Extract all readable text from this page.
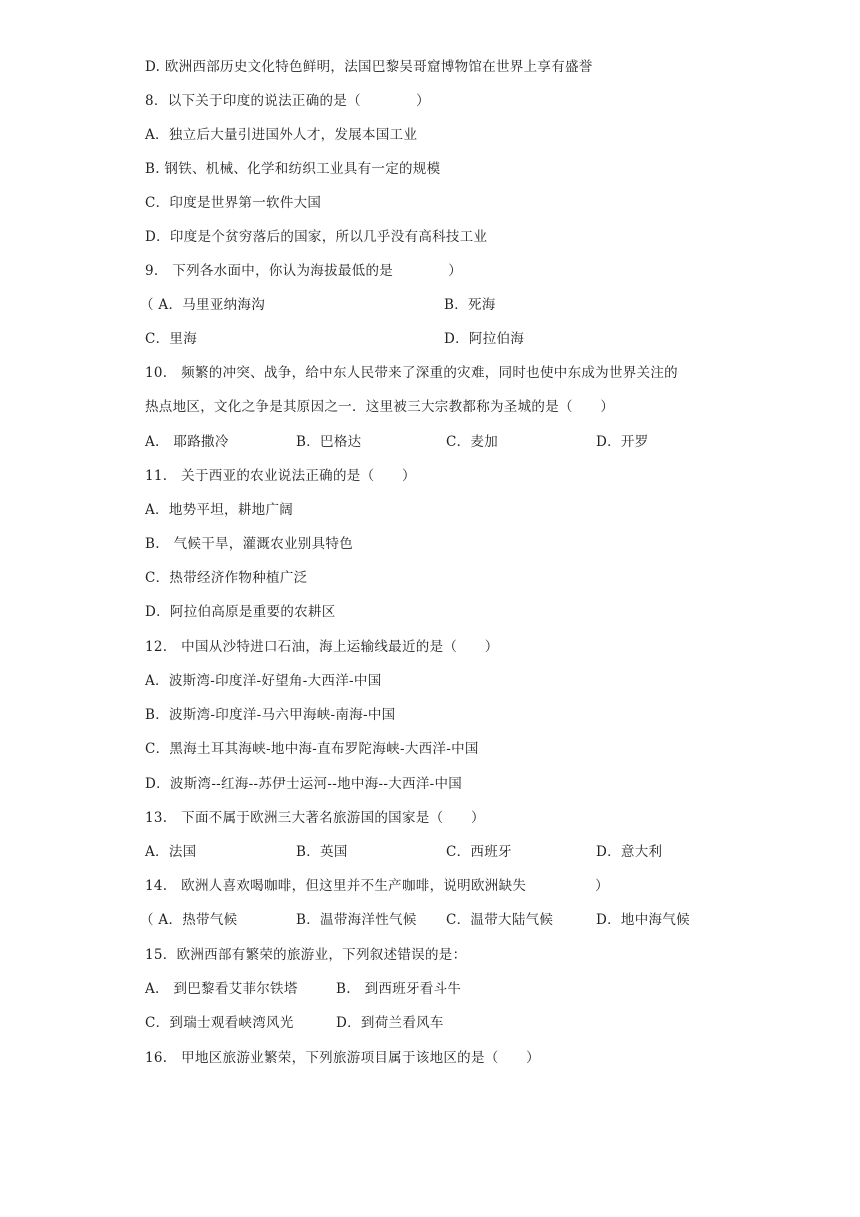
D. 欧洲西部历史文化特色鲜明，法国巴黎吴哥窟博物馆在世界上享有盛誉
8．以下关于印度的说法正确的是（　　　　）
A．独立后大量引进国外人才，发展本国工业
B. 钢铁、机械、化学和纺织工业具有一定的规模
C．印度是世界第一软件大国
D．印度是个贫穷落后的国家，所以几乎没有高科技工业
9.　下列各水面中，你认为海拔最低的是　　　　）
（ A．马里亚纳海沟	B．死海
C．里海	D．阿拉伯海
10.　频繁的冲突、战争，给中东人民带来了深重的灾难，同时也使中东成为世界关注的
热点地区，文化之争是其原因之一．这里被三大宗教都称为圣城的是（　　）
A.　耶路撒冷	B．巴格达	C．麦加	D．开罗
11.　关于西亚的农业说法正确的是（　　）
A．地势平坦，耕地广阔
B.　气候干旱，灌溉农业别具特色
C．热带经济作物种植广泛
D．阿拉伯高原是重要的农耕区
12.　中国从沙特进口石油，海上运输线最近的是（　　）
A．波斯湾-印度洋-好望角-大西洋-中国
B．波斯湾-印度洋-马六甲海峡-南海-中国
C．黑海土耳其海峡-地中海-直布罗陀海峡-大西洋-中国
D．波斯湾--红海--苏伊士运河--地中海--大西洋-中国
13.　下面不属于欧洲三大著名旅游国的国家是（　　）
A．法国	B．英国	C．西班牙	D．意大利
14.　欧洲人喜欢喝咖啡，但这里并不生产咖啡，说明欧洲缺失　　　　　）
（ A．热带气候	B．温带海洋性气候 C．温带大陆气候	D．地中海气候
15．欧洲西部有繁荣的旅游业，下列叙述错误的是：
A.　到巴黎看艾菲尔铁塔	B.　到西班牙看斗牛
C．到瑞士观看峡湾风光	D．到荷兰看风车
16.　甲地区旅游业繁荣，下列旅游项目属于该地区的是（　　）
